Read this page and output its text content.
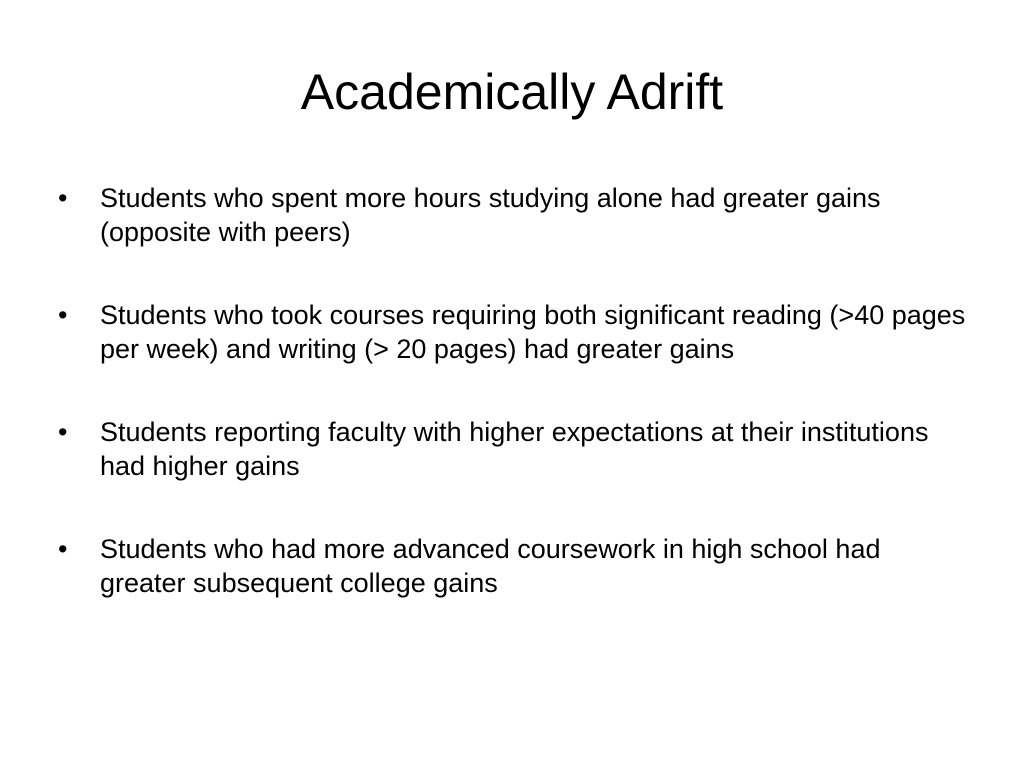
Academically Adrift
•	Students who spent more hours studying alone had greater gains (opposite with peers)
•	Students who took courses requiring both significant reading (>40 pages per week) and writing (> 20 pages) had greater gains
•	Students reporting faculty with higher expectations at their institutions had higher gains
•	Students who had more advanced coursework in high school had greater subsequent college gains
